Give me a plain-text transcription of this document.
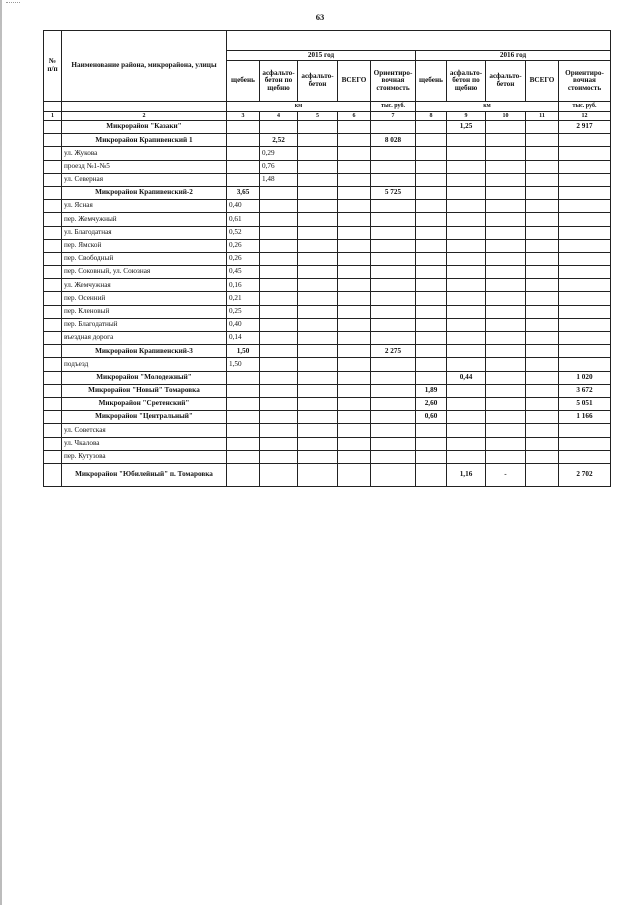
63
№ п/п	Наименование района, микрорайона, улицы										
		2015 год					2016 год				
		щебень	асфальто-бетон по щебню	асфальто-бетон	ВСЕГО	Ориентиро-вочная стоимость	щебень	асфальто-бетон по щебню	асфальто-бетон	ВСЕГО	Ориентиро-вочная стоимость
		км				тыс. руб.	км				тыс. руб.
1	2	3	4	5	6	7	8	9	10	11	12
	Микрорайон "Казаки"							1,25			2 917
	Микрорайон Крапивенский 1		2,52			8 028					
	ул. Жукова		0,29								
	проезд №1-№5		0,76								
	ул. Северная		1,48								
	Микрорайон Крапивенский-2	3,65				5 725					
	ул. Ясная	0,40									
	пер. Жемчужный	0,61									
	ул. Благодатная	0,52									
	пер. Ямской	0,26									
	пер. Свободный	0,26									
	пер. Соковный, ул. Союзная	0,45									
	ул. Жемчужная	0,16									
	пер. Осенний	0,21									
	пер. Кленовый	0,25									
	пер. Благодатный	0,40									
	въездная дорога	0,14									
	Микрорайон Крапивенский-3	1,50				2 275					
	подъезд	1,50									
	Микрорайон "Молодежный"							0,44			1 020
	Микрорайон "Новый" Томаровка						1,89				3 672
	Микрорайон "Сретенский"						2,60				5 051
	Микрорайон "Центральный"						0,60				1 166
	ул. Советская										
	ул. Чкалова										
	пер. Кутузова										
	Микрорайон "Юбилейный" п. Томаровка							1,16	-		2 702
